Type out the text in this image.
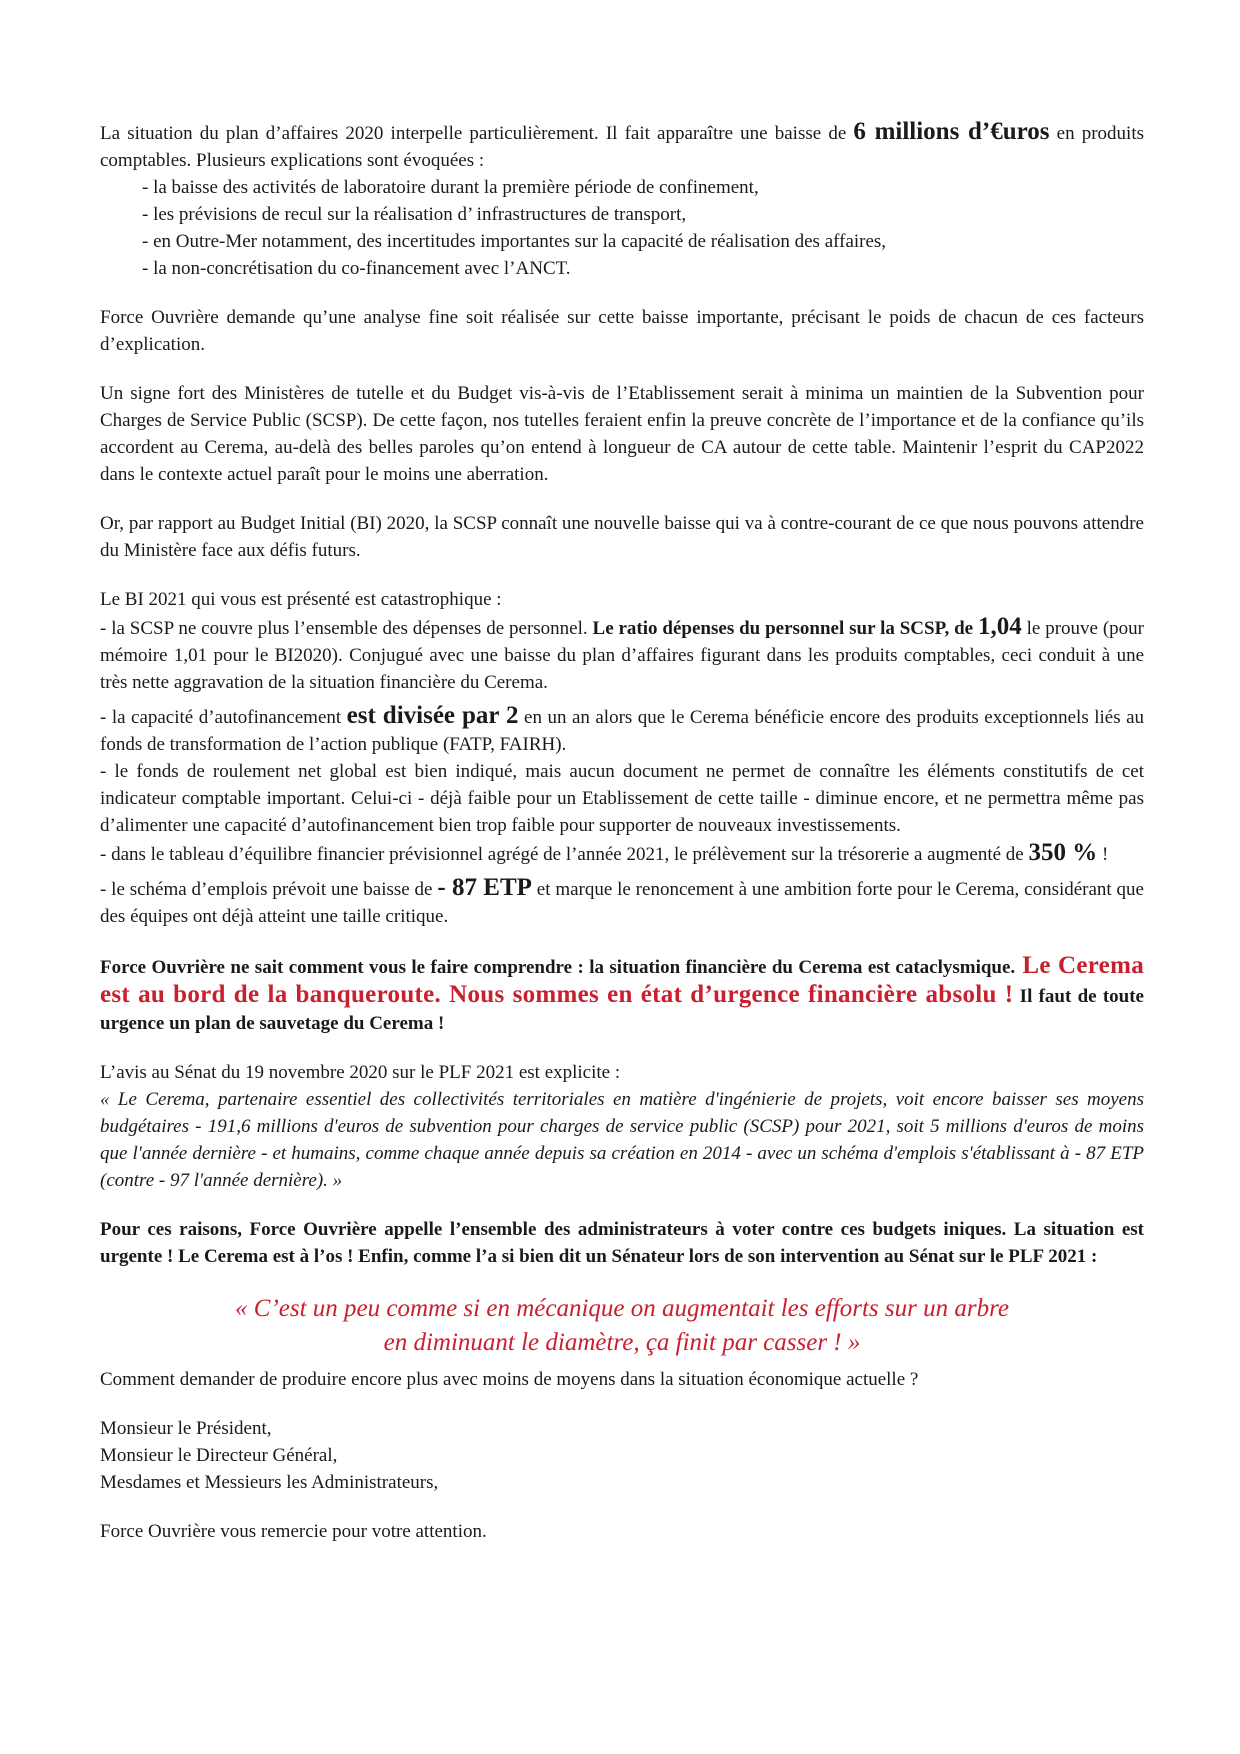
La situation du plan d’affaires 2020 interpelle particulièrement. Il fait apparaître une baisse de 6 millions d’€uros en produits comptables. Plusieurs explications sont évoquées :

- la baisse des activités de laboratoire durant la première période de confinement,
- les prévisions de recul sur la réalisation d’ infrastructures de transport,
- en Outre-Mer notamment, des incertitudes importantes sur la capacité de réalisation des affaires,
- la non-concrétisation du co-financement avec l’ANCT.

Force Ouvrière demande qu’une analyse fine soit réalisée sur cette baisse importante, précisant le poids de chacun de ces facteurs d’explication.

Un signe fort des Ministères de tutelle et du Budget vis-à-vis de l’Etablissement serait à minima un maintien de la Subvention pour Charges de Service Public (SCSP). De cette façon, nos tutelles feraient enfin la preuve concrète de l’importance et de la confiance qu’ils accordent au Cerema, au-delà des belles paroles qu’on entend à longueur de CA autour de cette table. Maintenir l’esprit du CAP2022 dans le contexte actuel paraît pour le moins une aberration.

Or, par rapport au Budget Initial (BI) 2020, la SCSP connaît une nouvelle baisse qui va à contre-courant de ce que nous pouvons attendre du Ministère face aux défis futurs.

Le BI 2021 qui vous est présenté est catastrophique :

- la SCSP ne couvre plus l’ensemble des dépenses de personnel. Le ratio dépenses du personnel sur la SCSP, de 1,04 le prouve (pour mémoire 1,01 pour le BI2020). Conjugué avec une baisse du plan d’affaires figurant dans les produits comptables, ceci conduit à une très nette aggravation de la situation financière du Cerema.

- la capacité d’autofinancement est divisée par 2 en un an alors que le Cerema bénéficie encore des produits exceptionnels liés au fonds de transformation de l’action publique (FATP, FAIRH).

- le fonds de roulement net global est bien indiqué, mais aucun document ne permet de connaître les éléments constitutifs de cet indicateur comptable important. Celui-ci - déjà faible pour un Etablissement de cette taille - diminue encore, et ne permettra même pas d’alimenter une capacité d’autofinancement bien trop faible pour supporter de nouveaux investissements.

- dans le tableau d’équilibre financier prévisionnel agrégé de l’année 2021, le prélèvement sur la trésorerie a augmenté de 350 % !

- le schéma d’emplois prévoit une baisse de - 87 ETP et marque le renoncement à une ambition forte pour le Cerema, considérant que des équipes ont déjà atteint une taille critique.

Force Ouvrière ne sait comment vous le faire comprendre : la situation financière du Cerema est cataclysmique. Le Cerema est au bord de la banqueroute. Nous sommes en état d’urgence financière absolu ! Il faut de toute urgence un plan de sauvetage du Cerema !

L’avis au Sénat du 19 novembre 2020 sur le PLF 2021 est explicite :

« Le Cerema, partenaire essentiel des collectivités territoriales en matière d'ingénierie de projets, voit encore baisser ses moyens budgétaires - 191,6 millions d'euros de subvention pour charges de service public (SCSP) pour 2021, soit 5 millions d'euros de moins que l'année dernière - et humains, comme chaque année depuis sa création en 2014 - avec un schéma d'emplois s'établissant à - 87 ETP (contre - 97 l'année dernière). »

Pour ces raisons, Force Ouvrière appelle l’ensemble des administrateurs à voter contre ces budgets iniques. La situation est urgente ! Le Cerema est à l’os ! Enfin, comme l’a si bien dit un Sénateur lors de son intervention au Sénat sur le PLF 2021 :

« C’est un peu comme si en mécanique on augmentait les efforts sur un arbre

en diminuant le diamètre, ça finit par casser ! »

Comment demander de produire encore plus avec moins de moyens dans la situation économique actuelle ?

Monsieur le Président,
Monsieur le Directeur Général,
Mesdames et Messieurs les Administrateurs,

Force Ouvrière vous remercie pour votre attention.
